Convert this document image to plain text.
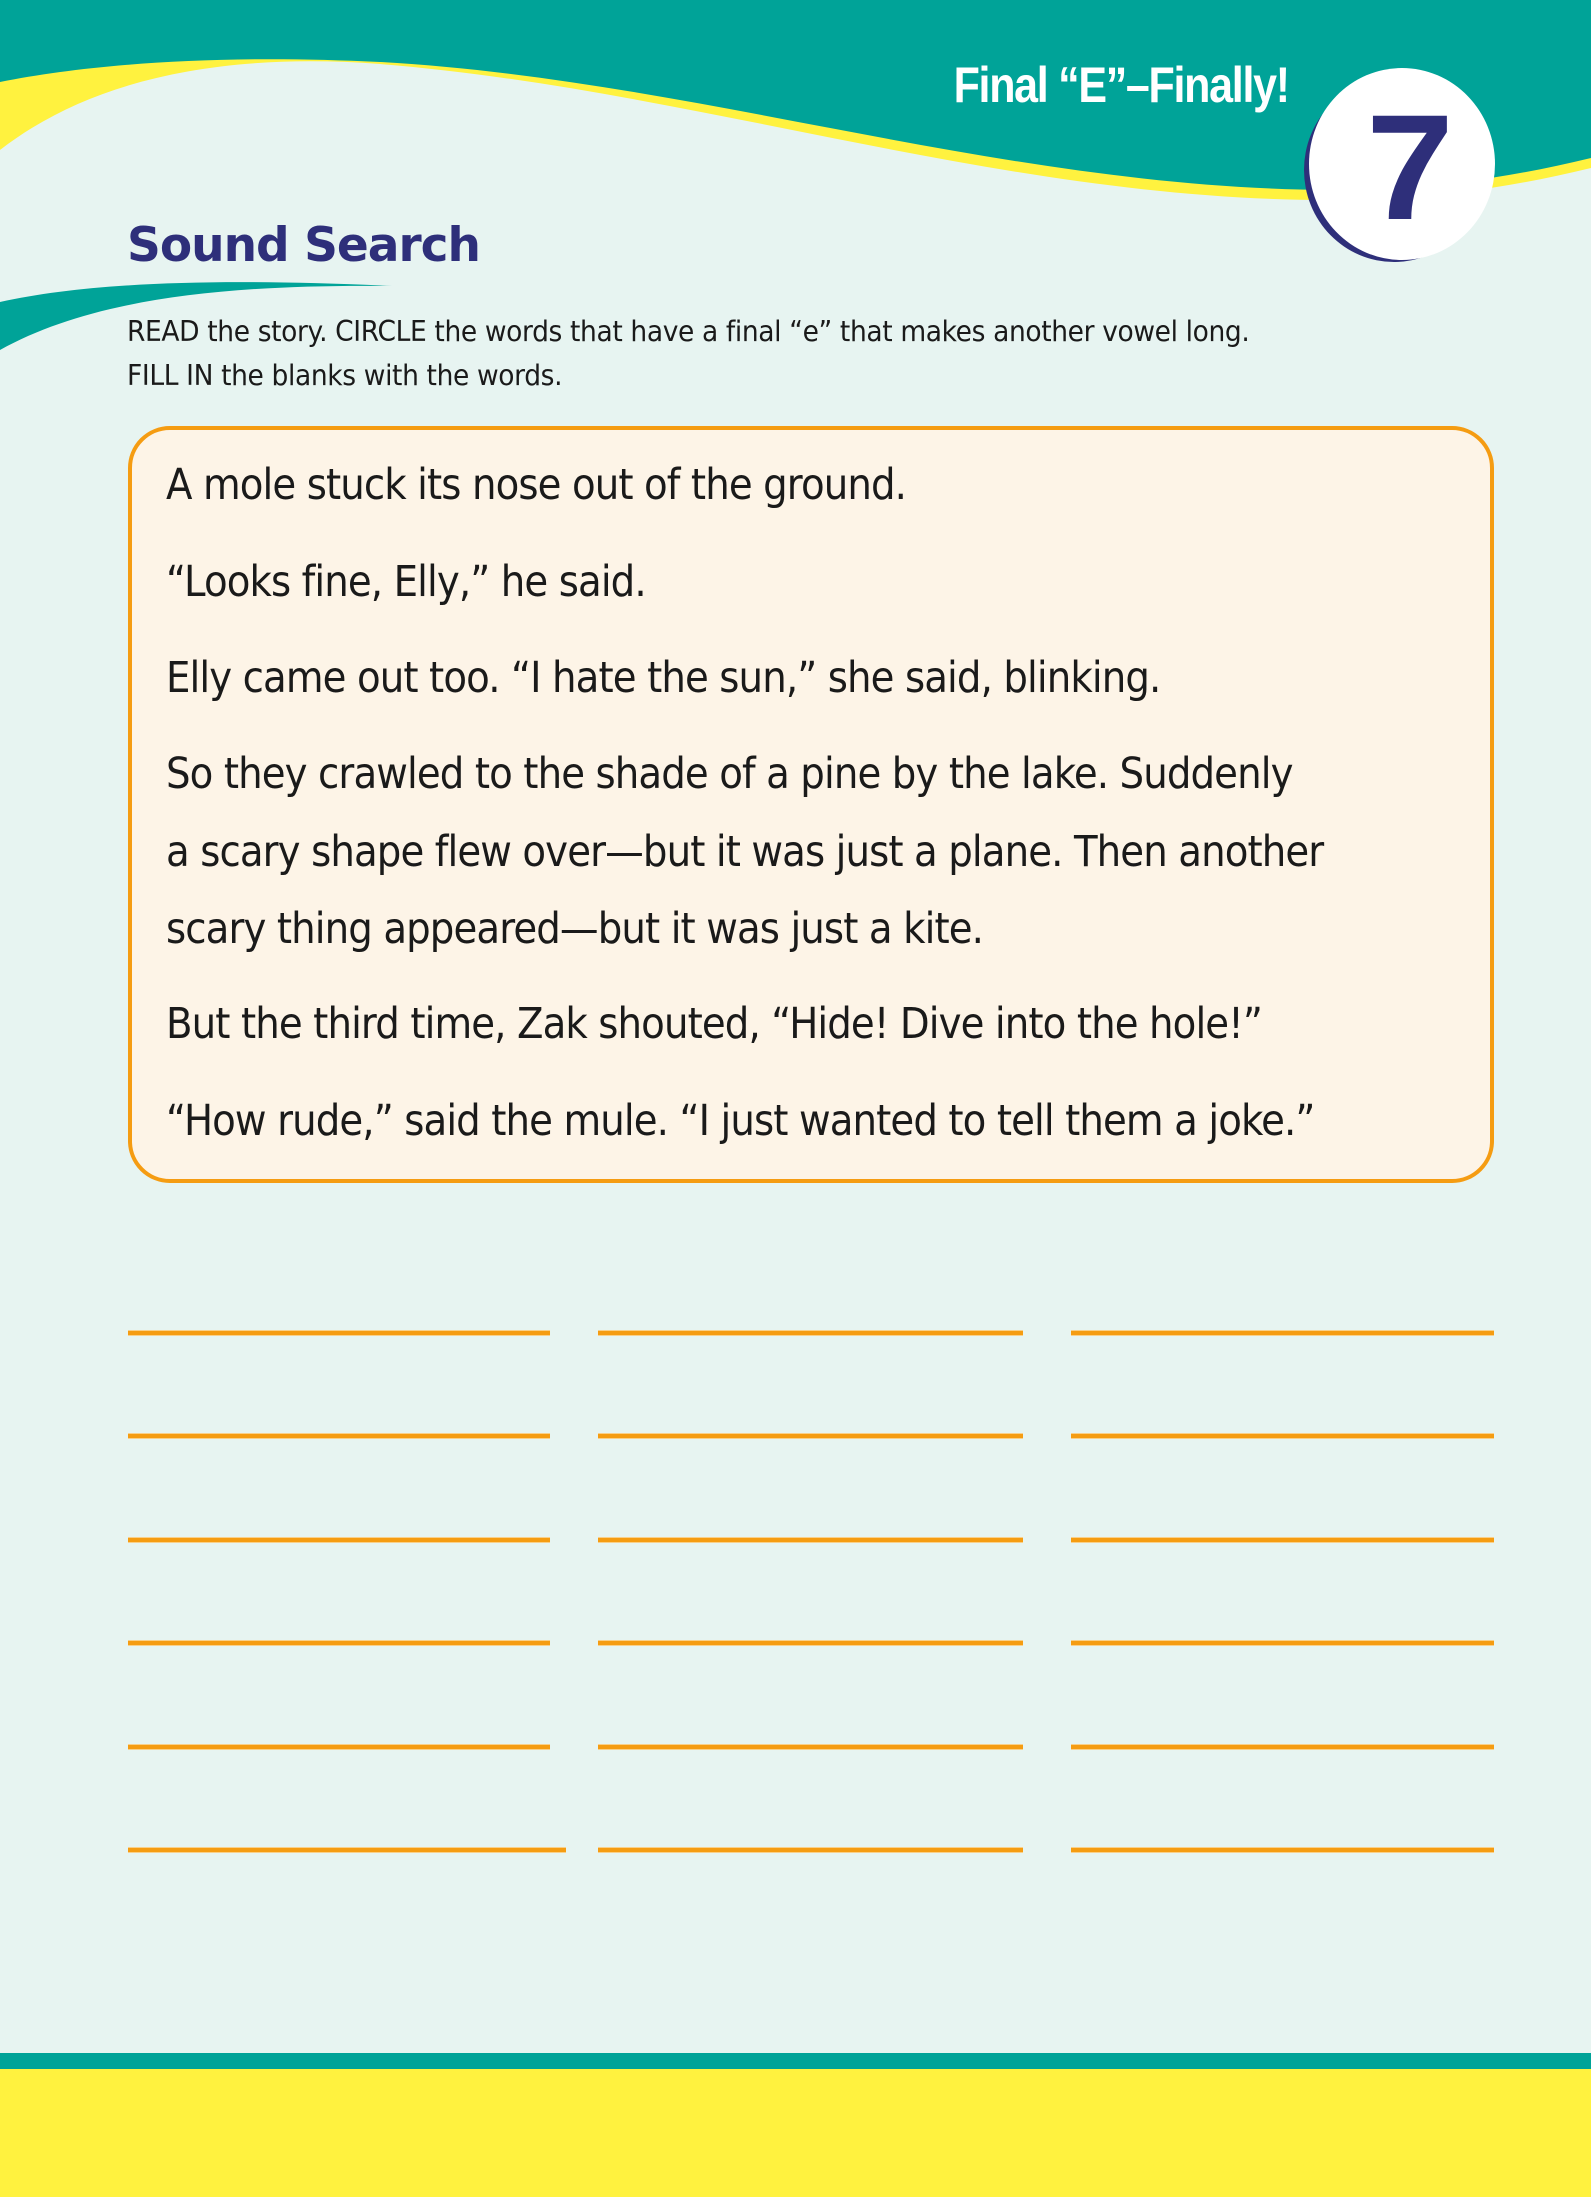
Final “E”–Finally! 7
Sound Search
READ the story. CIRCLE the words that have a final “e” that makes another vowel long.
FILL IN the blanks with the words.
A mole stuck its nose out of the ground.
“Looks fine, Elly,” he said.
Elly came out too. “I hate the sun,” she said, blinking.
So they crawled to the shade of a pine by the lake. Suddenly
a scary shape flew over—but it was just a plane. Then another
scary thing appeared—but it was just a kite.
But the third time, Zak shouted, “Hide! Dive into the hole!”
“How rude,” said the mule. “I just wanted to tell them a joke.”
